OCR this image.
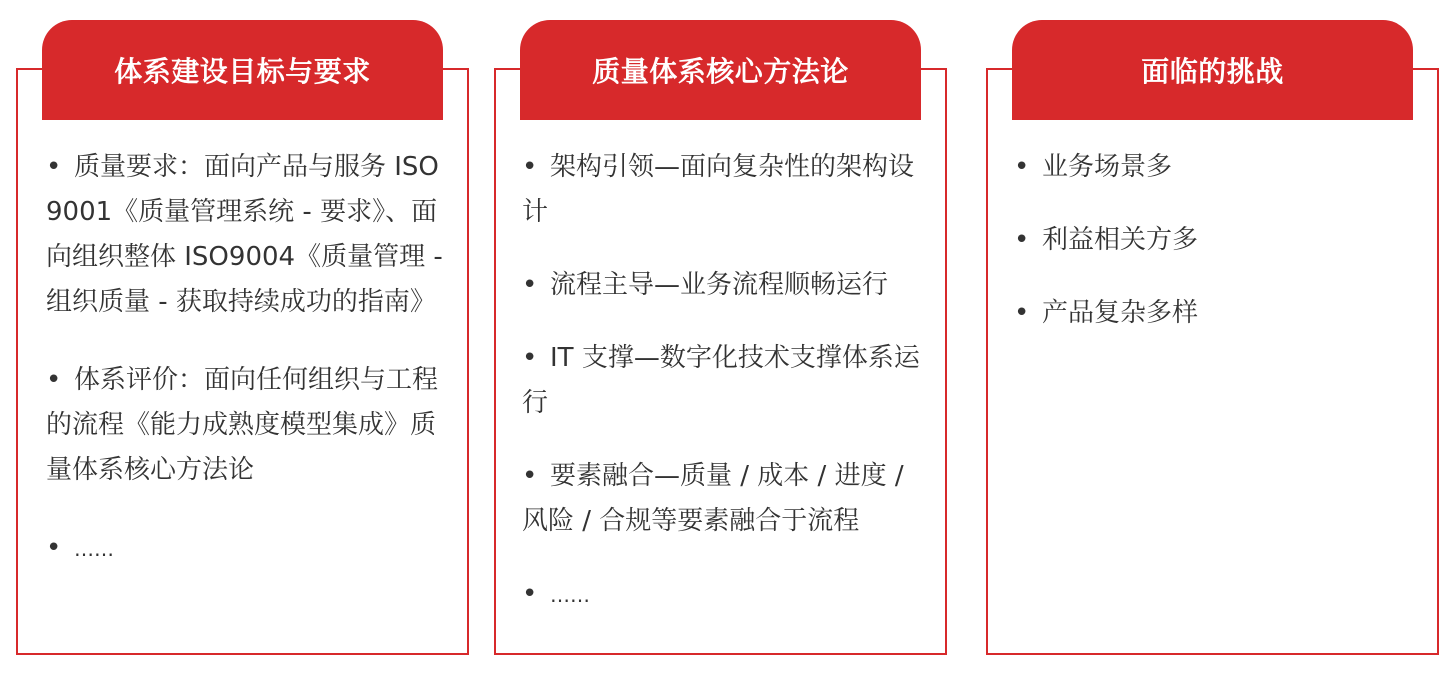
体系建设目标与要求
• 质量要求：面向产品与服务 ISO9001《质量管理系统 - 要求》、面向组织整体 ISO9004《质量管理 - 组织质量 - 获取持续成功的指南》
• 体系评价：面向任何组织与工程的流程《能力成熟度模型集成》质量体系核心方法论
• ……
质量体系核心方法论
• 架构引领—面向复杂性的架构设计
• 流程主导—业务流程顺畅运行
• IT 支撑—数字化技术支撑体系运行
• 要素融合—质量 / 成本 / 进度 / 风险 / 合规等要素融合于流程
• ……
面临的挑战
• 业务场景多
• 利益相关方多
• 产品复杂多样
